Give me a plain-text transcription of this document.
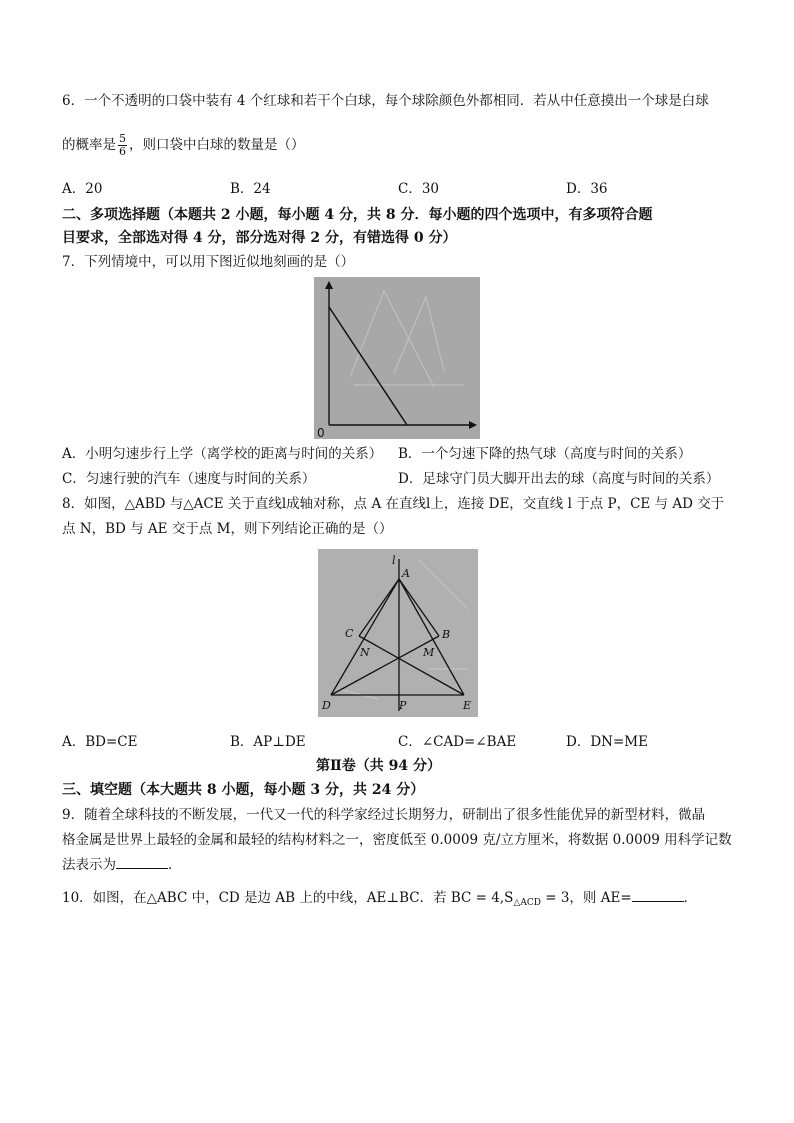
6．一个不透明的口袋中装有 4 个红球和若干个白球，每个球除颜色外都相同．若从中任意摸出一个球是白球
的概率是 $\frac{5}{6}$ ，则口袋中白球的数量是（）
A．20	B．24	C．30	D．36
二、多项选择题（本题共 2 小题，每小题 4 分，共 8 分．每小题的四个选项中，有多项符合题
目要求，全部选对得 4 分，部分选对得 2 分，有错选得 0 分）
7．下列情境中，可以用下图近似地刻画的是（）
0
A．小明匀速步行上学（离学校的距离与时间的关系） B．一个匀速下降的热气球（高度与时间的关系）
C．匀速行驶的汽车（速度与时间的关系）	D．足球守门员大脚开出去的球（高度与时间的关系）
8．如图，△ABD 与△ACE 关于直线l成轴对称，点 A 在直线l上，连接 DE，交直线 l 于点 P，CE 与 AD 交于
点 N，BD 与 AE 交于点 M，则下列结论正确的是（）
l
A
B
C
D	E
N	M
P
A．BD=CE	B．AP⊥DE	C．∠CAD=∠BAE	D．DN=ME
第Ⅱ卷（共 94 分）
三、填空题（本大题共 8 小题，每小题 3 分，共 24 分）
9．随着全球科技的不断发展，一代又一代的科学家经过长期努力，研制出了很多性能优异的新型材料，微晶
格金属是世界上最轻的金属和最轻的结构材料之一，密度低至 0.0009 克/立方厘米，将数据 0.0009 用科学记数
法表示为	．
10．如图，在△ABC 中，CD 是边 AB 上的中线，AE⊥BC．若 BC = $4,S_{\triangle ACD} = 3$，则 AE=	．
